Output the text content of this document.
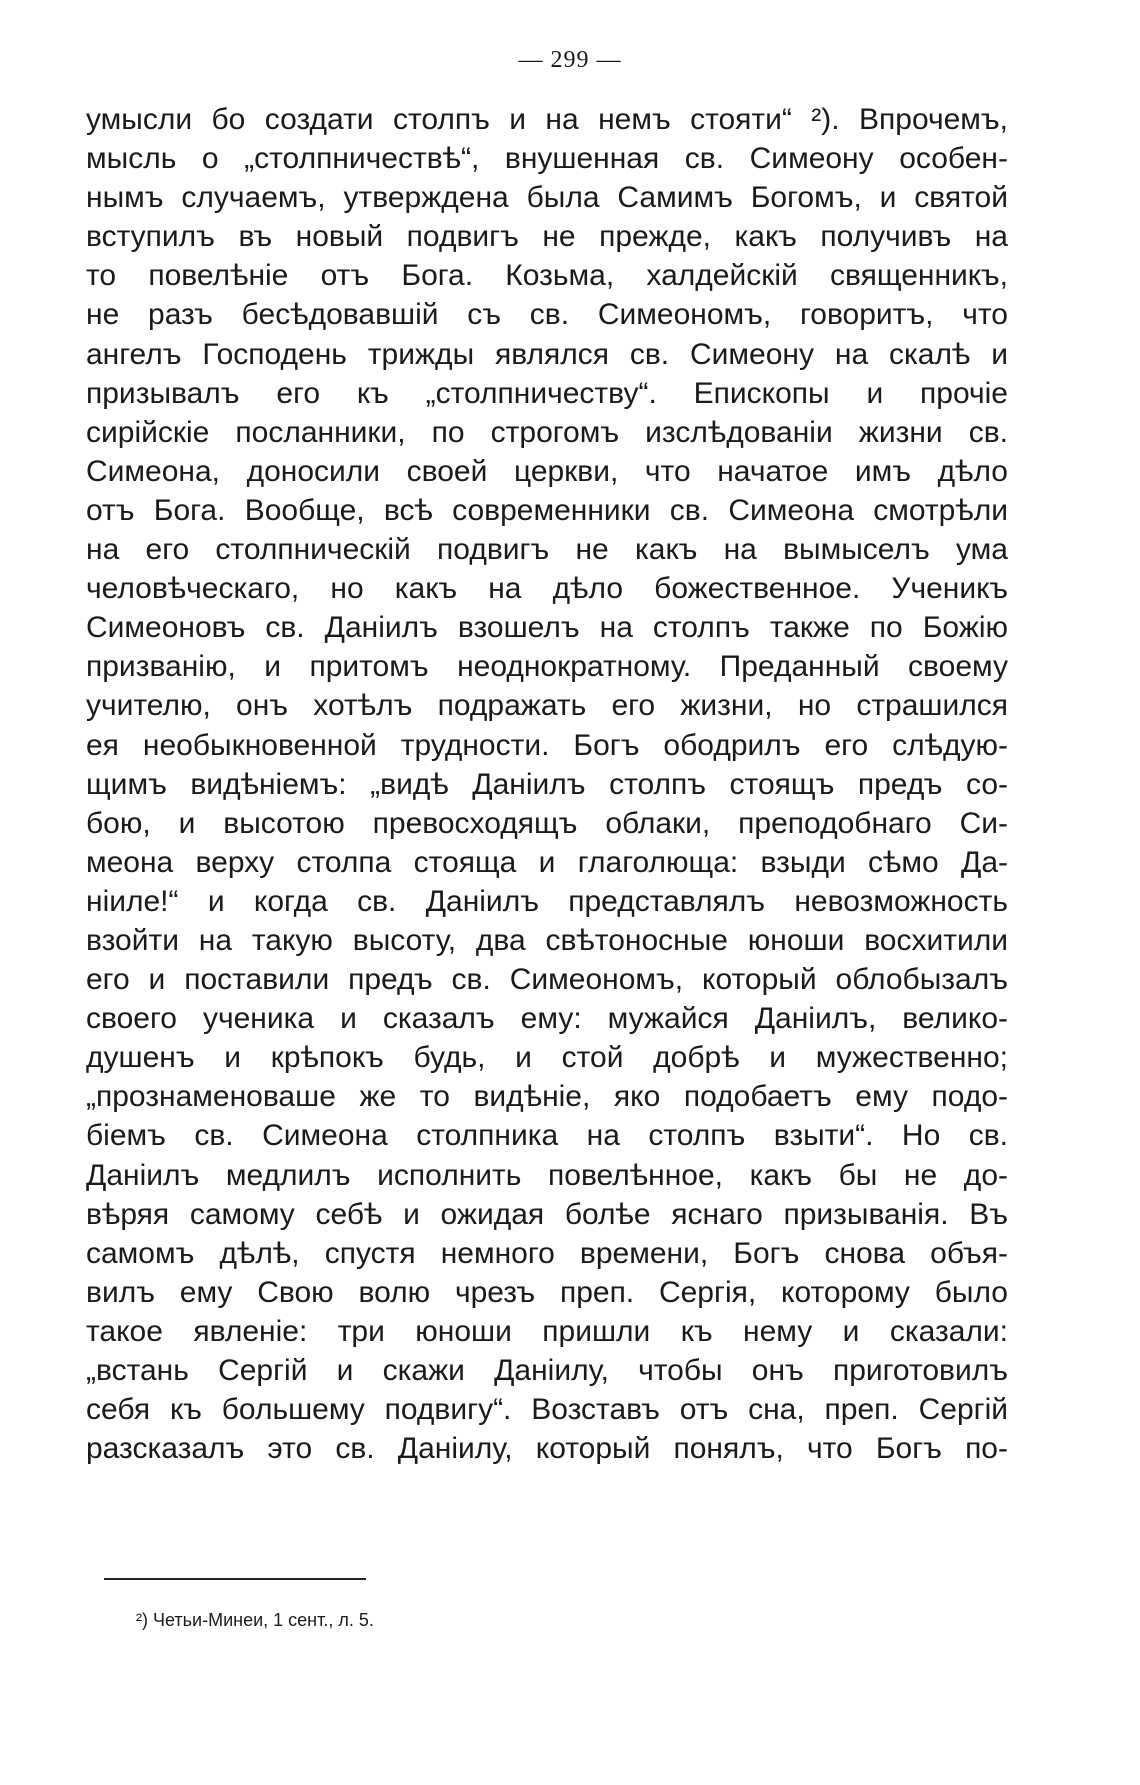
— 299 —
умысли бо создати столпъ и на немъ стояти“ ²). Впрочемъ,
мысль о „столпничествѣ“, внушенная св. Симеону особен-
нымъ случаемъ, утверждена была Самимъ Богомъ, и святой
вступилъ въ новый подвигъ не прежде, какъ получивъ на
то повелѣніе отъ Бога. Козьма, халдейскій священникъ,
не разъ бесѣдовавшій съ св. Симеономъ, говоритъ, что
ангелъ Господень трижды являлся св. Симеону на скалѣ и
призывалъ его къ „столпничеству“. Епископы и прочіе
сирійскіе посланники, по строгомъ изслѣдованіи жизни св.
Симеона, доносили своей церкви, что начатое имъ дѣло
отъ Бога. Вообще, всѣ современники св. Симеона смотрѣли
на его столпническій подвигъ не какъ на вымыселъ ума
человѣческаго, но какъ на дѣло божественное. Ученикъ
Симеоновъ св. Даніилъ взошелъ на столпъ также по Божію
призванію, и притомъ неоднократному. Преданный своему
учителю, онъ хотѣлъ подражать его жизни, но страшился
ея необыкновенной трудности. Богъ ободрилъ его слѣдую-
щимъ видѣніемъ: „видѣ Даніилъ столпъ стоящъ предъ со-
бою, и высотою превосходящъ облаки, преподобнаго Си-
меона верху столпа стояща и глаголюща: взыди сѣмо Да-
ніиле!“ и когда св. Даніилъ представлялъ невозможность
взойти на такую высоту, два свѣтоносные юноши восхитили
его и поставили предъ св. Симеономъ, который облобызалъ
своего ученика и сказалъ ему: мужайся Даніилъ, велико-
душенъ и крѣпокъ будь, и стой добрѣ и мужественно;
„прознаменоваше же то видѣніе, яко подобаетъ ему подо-
біемъ св. Симеона столпника на столпъ взыти“. Но св.
Даніилъ медлилъ исполнить повелѣнное, какъ бы не до-
вѣряя самому себѣ и ожидая болѣе яснаго призыванія. Въ
самомъ дѣлѣ, спустя немного времени, Богъ снова объя-
вилъ ему Свою волю чрезъ преп. Сергія, которому было
такое явленіе: три юноши пришли къ нему и сказали:
„встань Сергій и скажи Даніилу, чтобы онъ приготовилъ
себя къ большему подвигу“. Возставъ отъ сна, преп. Сергій
разсказалъ это св. Даніилу, который понялъ, что Богъ по-
²) Четьи-Минеи, 1 сент., л. 5.
